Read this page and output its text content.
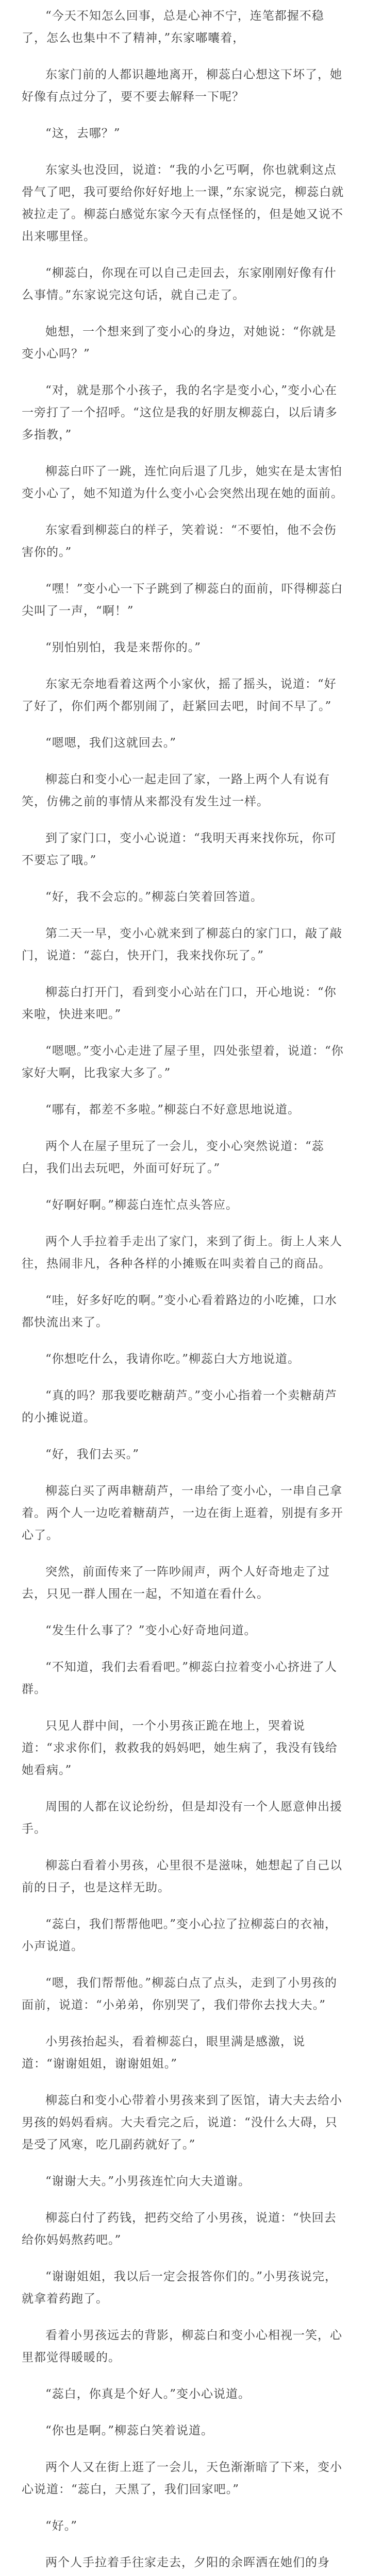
“今天不知怎么回事，总是心神不宁，连笔都握不稳了，怎么也集中不了精神，”东家嘟囔着，

东家门前的人都识趣地离开，柳蕊白心想这下坏了，她好像有点过分了，要不要去解释一下呢？

“这，去哪？”

东家头也没回，说道：“我的小乞丐啊，你也就剩这点骨气了吧，我可要给你好好地上一课，”东家说完，柳蕊白就被拉走了。柳蕊白感觉东家今天有点怪怪的，但是她又说不出来哪里怪。

“柳蕊白，你现在可以自己走回去，东家刚刚好像有什么事情。”东家说完这句话，就自己走了。

她想，一个想来到了变小心的身边，对她说：“你就是变小心吗？”

“对，就是那个小孩子，我的名字是变小心，”变小心在一旁打了一个招呼。“这位是我的好朋友柳蕊白，以后请多多指教，”

柳蕊白吓了一跳，连忙向后退了几步，她实在是太害怕变小心了，她不知道为什么变小心会突然出现在她的面前。

东家看到柳蕊白的样子，笑着说：“不要怕，他不会伤害你的。”

“嘿！”变小心一下子跳到了柳蕊白的面前，吓得柳蕊白尖叫了一声，“啊！”

“别怕别怕，我是来帮你的。”

东家无奈地看着这两个小家伙，摇了摇头，说道：“好了好了，你们两个都别闹了，赶紧回去吧，时间不早了。”

“嗯嗯，我们这就回去。”

柳蕊白和变小心一起走回了家，一路上两个人有说有笑，仿佛之前的事情从来都没有发生过一样。

到了家门口，变小心说道：“我明天再来找你玩，你可不要忘了哦。”

“好，我不会忘的。”柳蕊白笑着回答道。

第二天一早，变小心就来到了柳蕊白的家门口，敲了敲门，说道：“蕊白，快开门，我来找你玩了。”

柳蕊白打开门，看到变小心站在门口，开心地说：“你来啦，快进来吧。”

“嗯嗯。”变小心走进了屋子里，四处张望着，说道：“你家好大啊，比我家大多了。”

“哪有，都差不多啦。”柳蕊白不好意思地说道。

两个人在屋子里玩了一会儿，变小心突然说道：“蕊白，我们出去玩吧，外面可好玩了。”

“好啊好啊。”柳蕊白连忙点头答应。

两个人手拉着手走出了家门，来到了街上。街上人来人往，热闹非凡，各种各样的小摊贩在叫卖着自己的商品。

“哇，好多好吃的啊。”变小心看着路边的小吃摊，口水都快流出来了。

“你想吃什么，我请你吃。”柳蕊白大方地说道。

“真的吗？那我要吃糖葫芦。”变小心指着一个卖糖葫芦的小摊说道。

“好，我们去买。”

柳蕊白买了两串糖葫芦，一串给了变小心，一串自己拿着。两个人一边吃着糖葫芦，一边在街上逛着，别提有多开心了。

突然，前面传来了一阵吵闹声，两个人好奇地走了过去，只见一群人围在一起，不知道在看什么。

“发生什么事了？”变小心好奇地问道。

“不知道，我们去看看吧。”柳蕊白拉着变小心挤进了人群。

只见人群中间，一个小男孩正跪在地上，哭着说道：“求求你们，救救我的妈妈吧，她生病了，我没有钱给她看病。”

周围的人都在议论纷纷，但是却没有一个人愿意伸出援手。

柳蕊白看着小男孩，心里很不是滋味，她想起了自己以前的日子，也是这样无助。

“蕊白，我们帮帮他吧。”变小心拉了拉柳蕊白的衣袖，小声说道。

“嗯，我们帮帮他。”柳蕊白点了点头，走到了小男孩的面前，说道：“小弟弟，你别哭了，我们带你去找大夫。”

小男孩抬起头，看着柳蕊白，眼里满是感激，说道：“谢谢姐姐，谢谢姐姐。”

柳蕊白和变小心带着小男孩来到了医馆，请大夫去给小男孩的妈妈看病。大夫看完之后，说道：“没什么大碍，只是受了风寒，吃几副药就好了。”

“谢谢大夫。”小男孩连忙向大夫道谢。

柳蕊白付了药钱，把药交给了小男孩，说道：“快回去给你妈妈熬药吧。”

“谢谢姐姐，我以后一定会报答你们的。”小男孩说完，就拿着药跑了。

看着小男孩远去的背影，柳蕊白和变小心相视一笑，心里都觉得暖暖的。

“蕊白，你真是个好人。”变小心说道。

“你也是啊。”柳蕊白笑着说道。

两个人又在街上逛了一会儿，天色渐渐暗了下来，变小心说道：“蕊白，天黑了，我们回家吧。”

“好。”

两个人手拉着手往家走去，夕阳的余晖洒在她们的身
